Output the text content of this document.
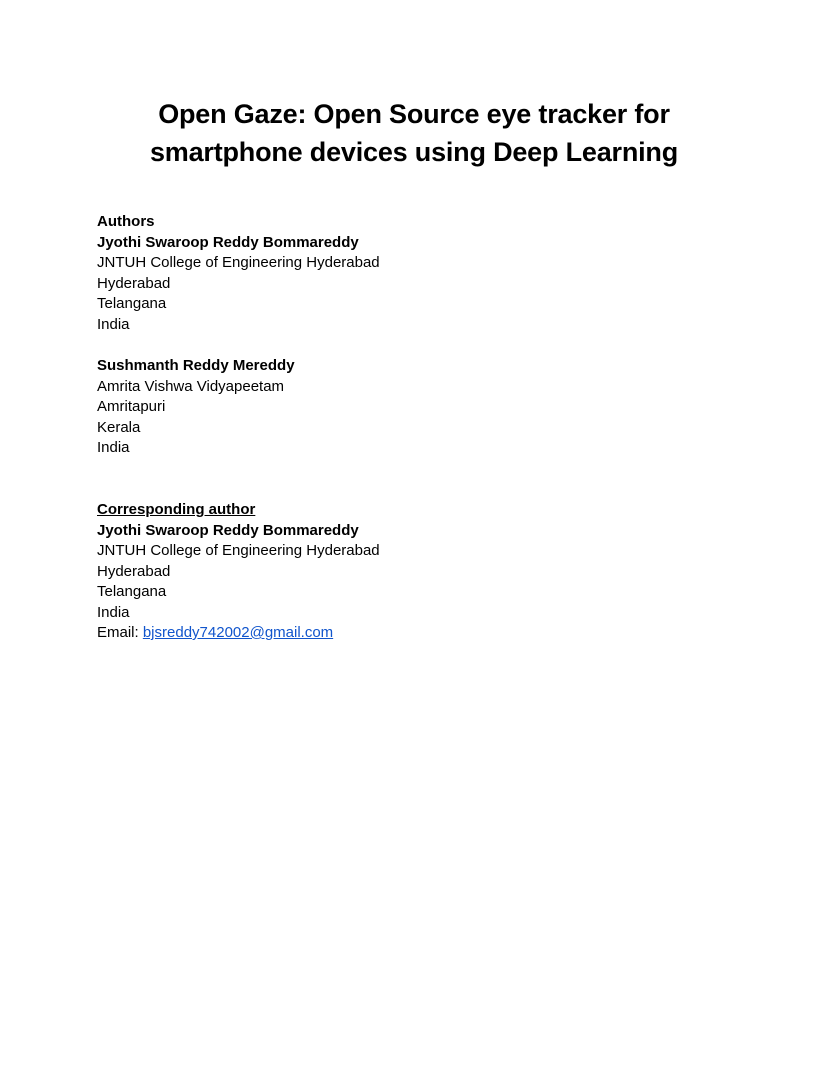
Open Gaze: Open Source eye tracker for
smartphone devices using Deep Learning
Authors
Jyothi Swaroop Reddy Bommareddy
JNTUH College of Engineering Hyderabad
Hyderabad
Telangana
India
Sushmanth Reddy Mereddy
Amrita Vishwa Vidyapeetam
Amritapuri
Kerala
India
Corresponding author
Jyothi Swaroop Reddy Bommareddy
JNTUH College of Engineering Hyderabad
Hyderabad
Telangana
India
Email: bjsreddy742002@gmail.com
